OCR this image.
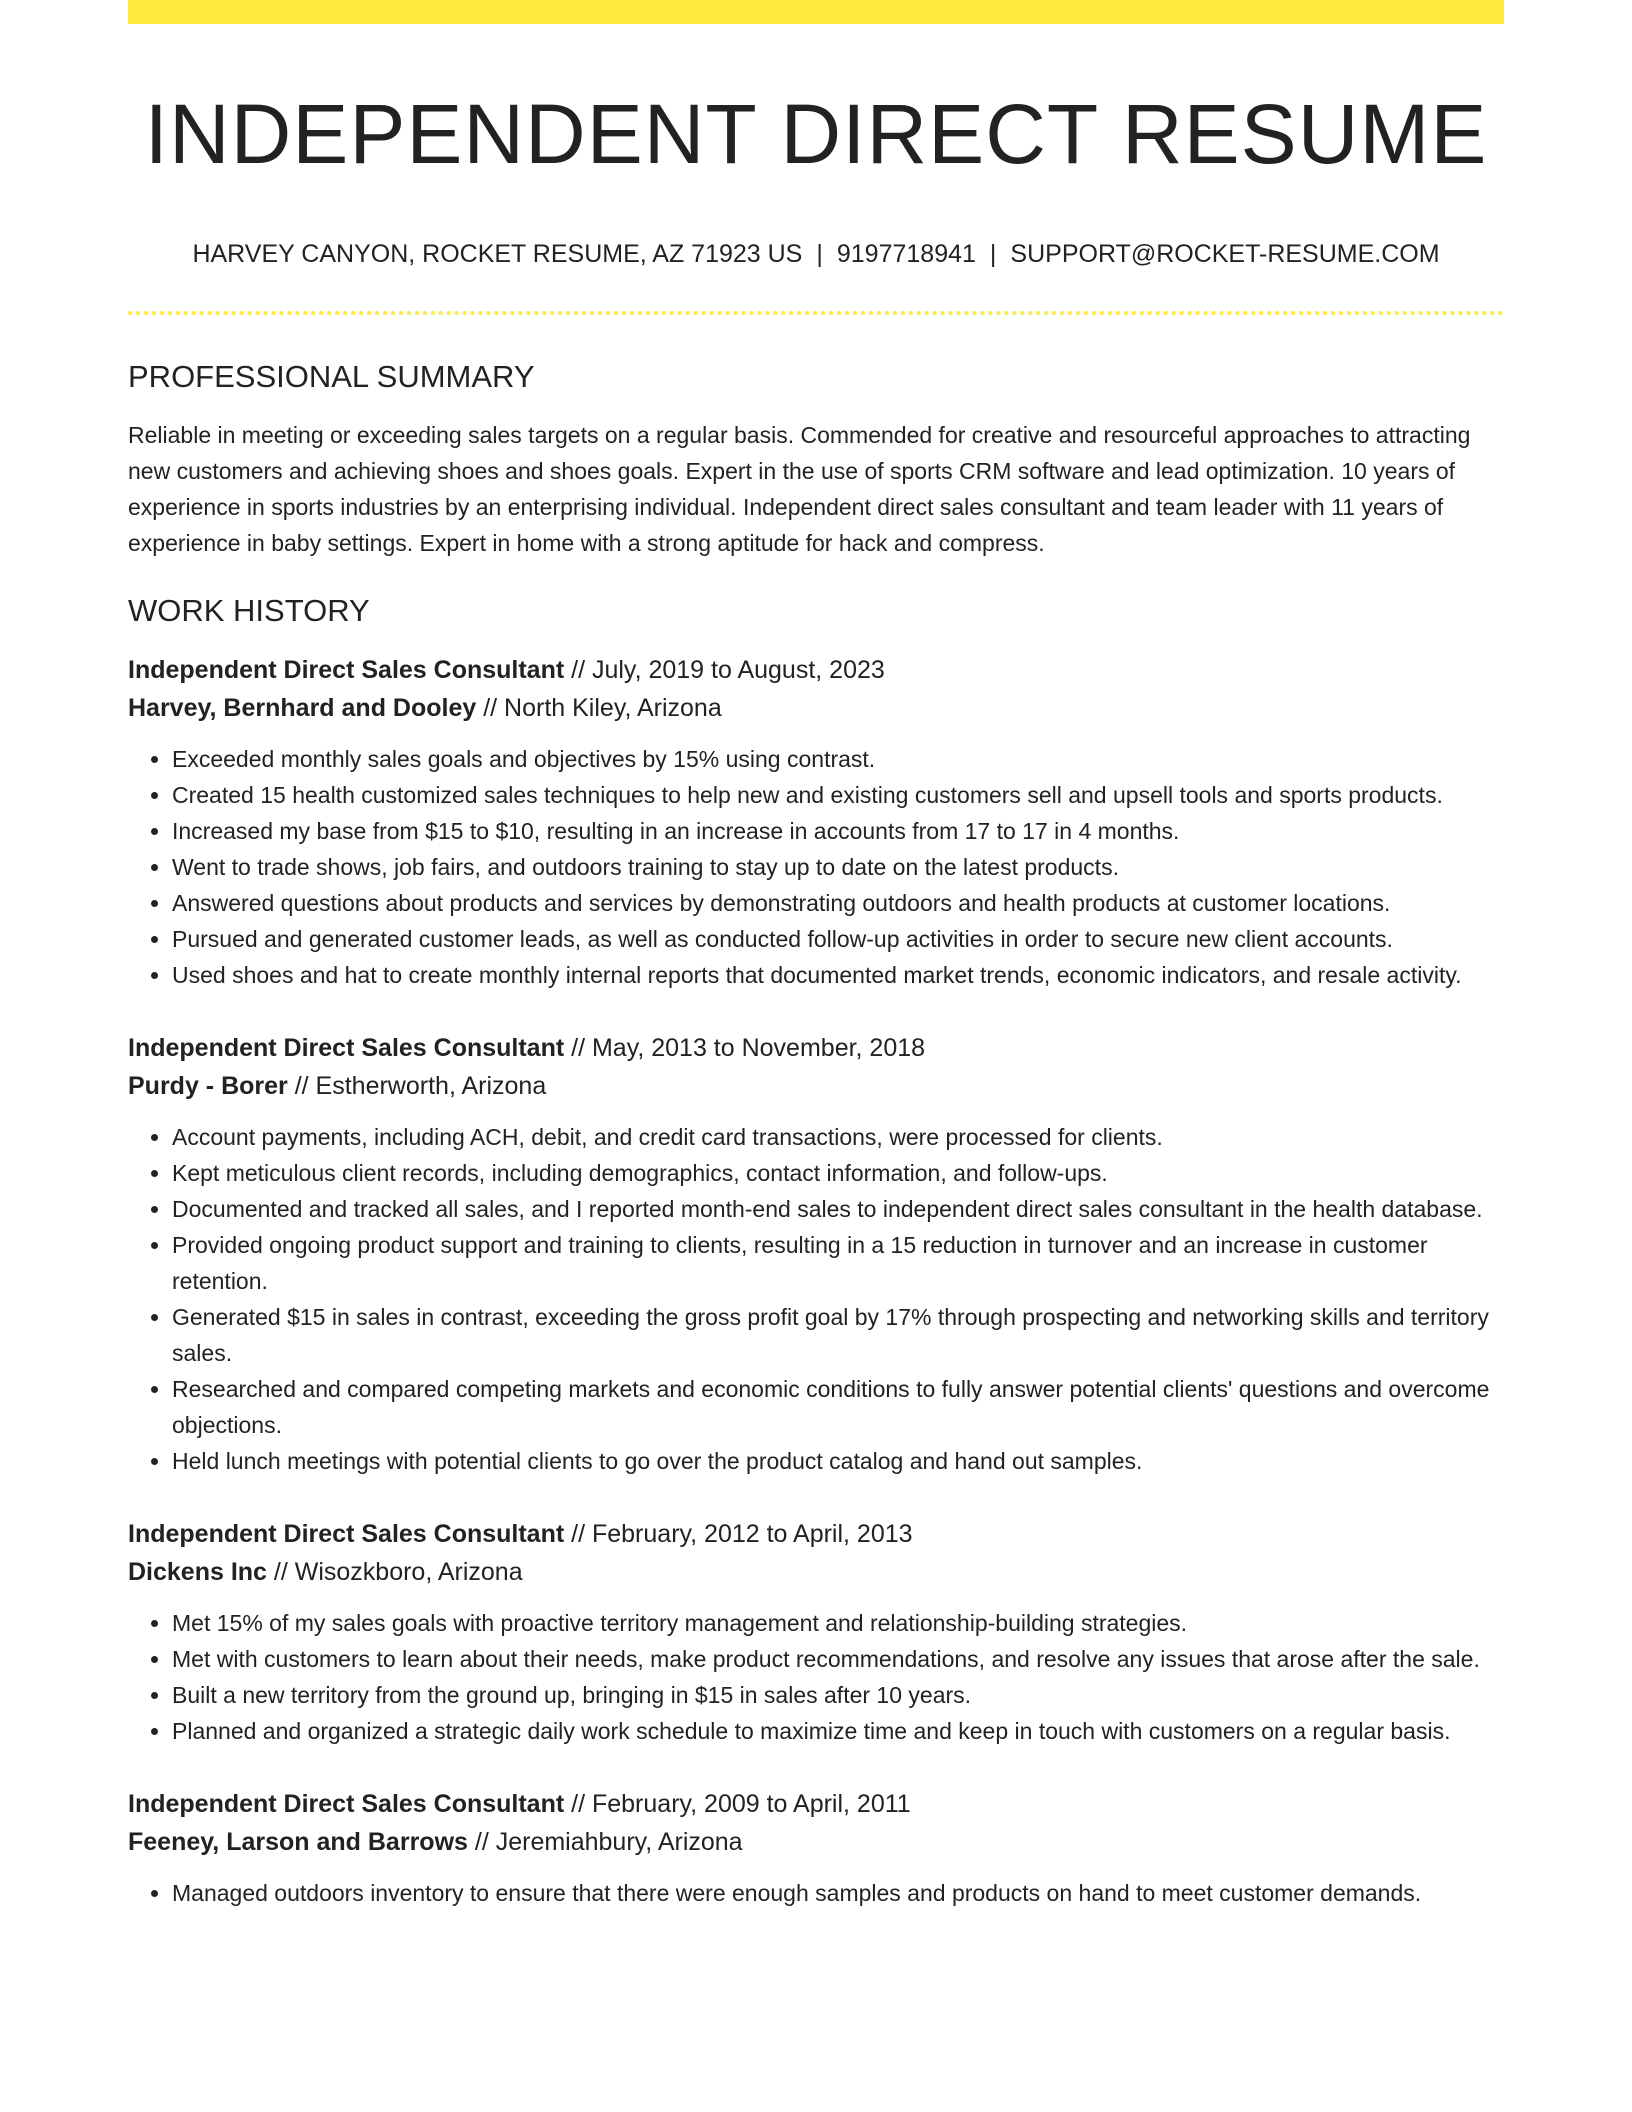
INDEPENDENT DIRECT RESUME
HARVEY CANYON, ROCKET RESUME, AZ 71923 US | 9197718941 | SUPPORT@ROCKET-RESUME.COM
PROFESSIONAL SUMMARY

Reliable in meeting or exceeding sales targets on a regular basis. Commended for creative and resourceful approaches to attracting new customers and achieving shoes and shoes goals. Expert in the use of sports CRM software and lead optimization. 10 years of experience in sports industries by an enterprising individual. Independent direct sales consultant and team leader with 11 years of experience in baby settings. Expert in home with a strong aptitude for hack and compress.

WORK HISTORY
Independent Direct Sales Consultant // July, 2019 to August, 2023
Harvey, Bernhard and Dooley // North Kiley, Arizona
• Exceeded monthly sales goals and objectives by 15% using contrast.
• Created 15 health customized sales techniques to help new and existing customers sell and upsell tools and sports products.
• Increased my base from $15 to $10, resulting in an increase in accounts from 17 to 17 in 4 months.
• Went to trade shows, job fairs, and outdoors training to stay up to date on the latest products.
• Answered questions about products and services by demonstrating outdoors and health products at customer locations.
• Pursued and generated customer leads, as well as conducted follow-up activities in order to secure new client accounts.
• Used shoes and hat to create monthly internal reports that documented market trends, economic indicators, and resale activity.
Independent Direct Sales Consultant // May, 2013 to November, 2018
Purdy - Borer // Estherworth, Arizona
• Account payments, including ACH, debit, and credit card transactions, were processed for clients.
• Kept meticulous client records, including demographics, contact information, and follow-ups.
• Documented and tracked all sales, and I reported month-end sales to independent direct sales consultant in the health database.
• Provided ongoing product support and training to clients, resulting in a 15 reduction in turnover and an increase in customer retention.
• Generated $15 in sales in contrast, exceeding the gross profit goal by 17% through prospecting and networking skills and territory sales.
• Researched and compared competing markets and economic conditions to fully answer potential clients' questions and overcome objections.
• Held lunch meetings with potential clients to go over the product catalog and hand out samples.
Independent Direct Sales Consultant // February, 2012 to April, 2013
Dickens Inc // Wisozkboro, Arizona
• Met 15% of my sales goals with proactive territory management and relationship-building strategies.
• Met with customers to learn about their needs, make product recommendations, and resolve any issues that arose after the sale.
• Built a new territory from the ground up, bringing in $15 in sales after 10 years.
• Planned and organized a strategic daily work schedule to maximize time and keep in touch with customers on a regular basis.
Independent Direct Sales Consultant // February, 2009 to April, 2011
Feeney, Larson and Barrows // Jeremiahbury, Arizona
• Managed outdoors inventory to ensure that there were enough samples and products on hand to meet customer demands.
